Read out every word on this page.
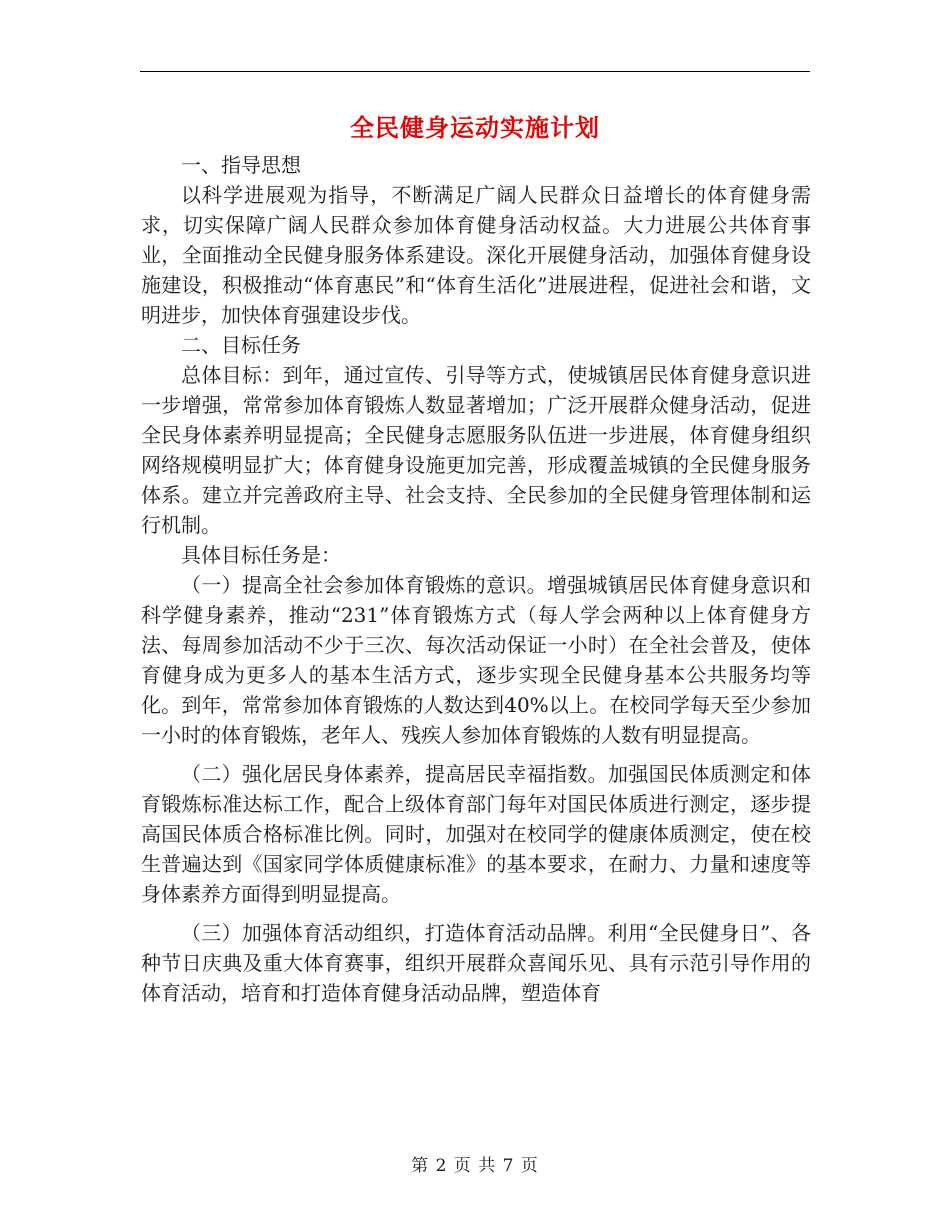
全民健身运动实施计划

一、指导思想

以科学进展观为指导，不断满足广阔人民群众日益增长的体育健身需求，切实保障广阔人民群众参加体育健身活动权益。大力进展公共体育事业，全面推动全民健身服务体系建设。深化开展健身活动，加强体育健身设施建设，积极推动“体育惠民”和“体育生活化”进展进程，促进社会和谐，文明进步，加快体育强建设步伐。

二、目标任务

总体目标：到年，通过宣传、引导等方式，使城镇居民体育健身意识进一步增强，常常参加体育锻炼人数显著增加；广泛开展群众健身活动，促进全民身体素养明显提高；全民健身志愿服务队伍进一步进展，体育健身组织网络规模明显扩大；体育健身设施更加完善，形成覆盖城镇的全民健身服务体系。建立并完善政府主导、社会支持、全民参加的全民健身管理体制和运行机制。

具体目标任务是：

（一）提高全社会参加体育锻炼的意识。增强城镇居民体育健身意识和科学健身素养，推动“231”体育锻炼方式（每人学会两种以上体育健身方法、每周参加活动不少于三次、每次活动保证一小时）在全社会普及，使体育健身成为更多人的基本生活方式，逐步实现全民健身基本公共服务均等化。到年，常常参加体育锻炼的人数达到40%以上。在校同学每天至少参加一小时的体育锻炼，老年人、残疾人参加体育锻炼的人数有明显提高。

（二）强化居民身体素养，提高居民幸福指数。加强国民体质测定和体育锻炼标准达标工作，配合上级体育部门每年对国民体质进行测定，逐步提高国民体质合格标准比例。同时，加强对在校同学的健康体质测定，使在校生普遍达到《国家同学体质健康标准》的基本要求，在耐力、力量和速度等身体素养方面得到明显提高。

（三）加强体育活动组织，打造体育活动品牌。利用“全民健身日”、各种节日庆典及重大体育赛事，组织开展群众喜闻乐见、具有示范引导作用的体育活动，培育和打造体育健身活动品牌，塑造体育

第 2 页 共 7 页
